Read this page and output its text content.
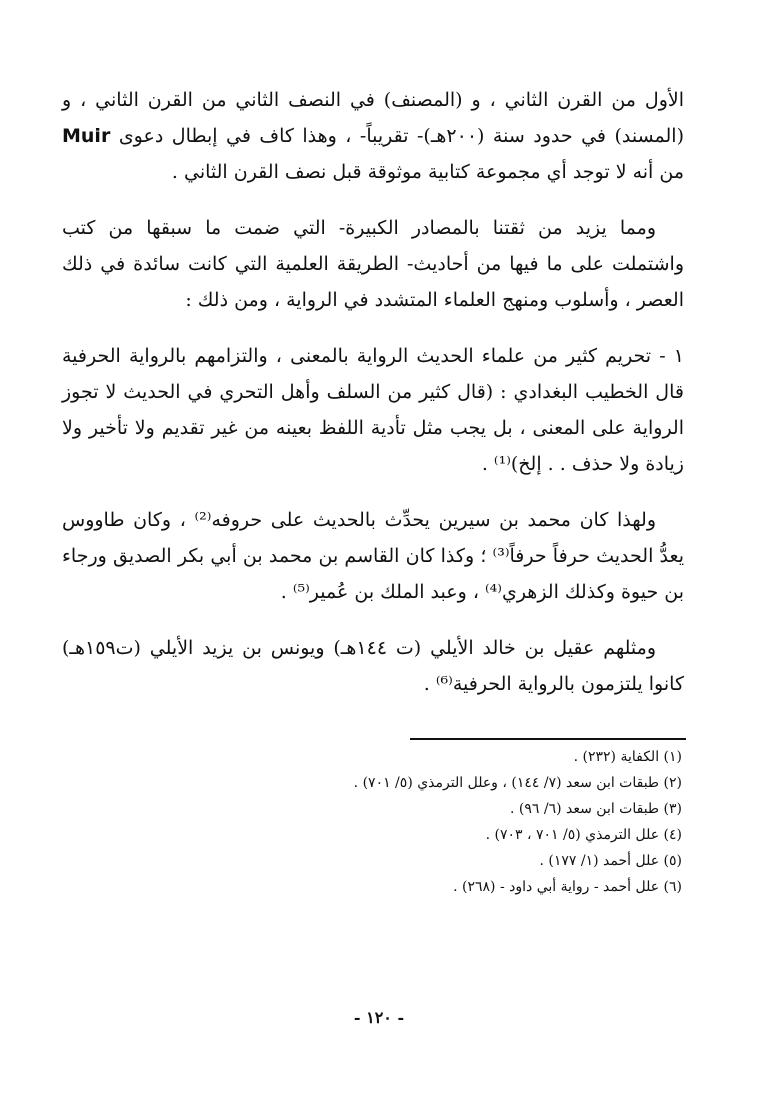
الأول من القرن الثاني ، و (المصنف) في النصف الثاني من القرن الثاني ، و (المسند) في حدود سنة (٢٠٠هـ)- تقريباً- ، وهذا كاف في إبطال دعوى Muir من أنه لا توجد أي مجموعة كتابية موثوقة قبل نصف القرن الثاني .

ومما يزيد من ثقتنا بالمصادر الكبيرة- التي ضمت ما سبقها من كتب واشتملت على ما فيها من أحاديث- الطريقة العلمية التي كانت سائدة في ذلك العصر ، وأسلوب ومنهج العلماء المتشدد في الرواية ، ومن ذلك :

١ - تحريم كثير من علماء الحديث الرواية بالمعنى ، والتزامهم بالرواية الحرفية قال الخطيب البغدادي : (قال كثير من السلف وأهل التحري في الحديث لا تجوز الرواية على المعنى ، بل يجب مثل تأدية اللفظ بعينه من غير تقديم ولا تأخير ولا زيادة ولا حذف . . إلخ)⁽¹⁾ .

ولهذا كان محمد بن سيرين يحدِّث بالحديث على حروفه⁽²⁾ ، وكان طاووس يعدُّ الحديث حرفاً حرفاً⁽³⁾ ؛ وكذا كان القاسم بن محمد بن أبي بكر الصديق ورجاء بن حيوة وكذلك الزهري⁽⁴⁾ ، وعبد الملك بن عُمير⁽⁵⁾ .

ومثلهم عقيل بن خالد الأيلي (ت ١٤٤هـ) ويونس بن يزيد الأيلي (ت١٥٩هـ) كانوا يلتزمون بالرواية الحرفية⁽⁶⁾ .

(١) الكفاية (٢٣٢) .

(٢) طبقات ابن سعد (٧/ ١٤٤) ، وعلل الترمذي (٥/ ٧٠١) .

(٣) طبقات ابن سعد (٦/ ٩٦) .

(٤) علل الترمذي (٥/ ٧٠١ ، ٧٠٣) .

(٥) علل أحمد (١/ ١٧٧) .

(٦) علل أحمد - رواية أبي داود - (٢٦٨) .

- ١٢٠ -
